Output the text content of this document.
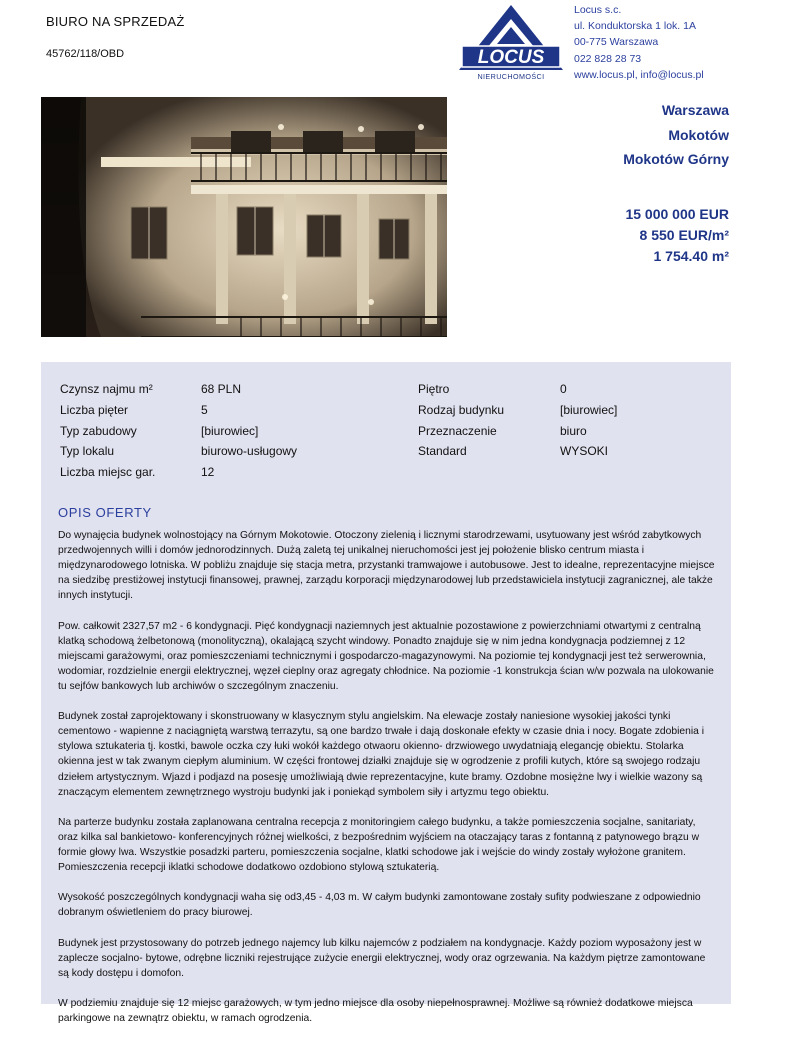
BIURO NA SPRZEDAŻ
45762/118/OBD	LOCUS
NIERUCHOMOŚCI
Locus s.c.
ul. Konduktorska 1 lok. 1A
00-775 Warszawa
022 828 28 73
www.locus.pl, info@locus.pl
Warszawa
Mokotów
Mokotów Górny
15 000 000 EUR
8 550 EUR/m²
1 754.40 m²
Czynsz najmu m²	68 PLN	Piętro	0
Liczba pięter	5	Rodzaj budynku	[biurowiec]
Typ zabudowy	[biurowiec]	Przeznaczenie	biuro
Typ lokalu	biurowo-usługowy	Standard	WYSOKI
Liczba miejsc gar.	12
OPIS OFERTY

Do wynajęcia budynek wolnostojący na Górnym Mokotowie. Otoczony zielenią i licznymi starodrzewami, usytuowany jest wśród zabytkowych przedwojennych willi i domów jednorodzinnych. Dużą zaletą tej unikalnej nieruchomości jest jej położenie blisko centrum miasta i międzynarodowego lotniska. W pobliżu znajduje się stacja metra, przystanki tramwajowe i autobusowe. Jest to idealne, reprezentacyjne miejsce na siedzibę prestiżowej instytucji finansowej, prawnej, zarządu korporacji międzynarodowej lub przedstawiciela instytucji zagranicznej, ale także innych instytucji.

Pow. całkowit 2327,57 m2 - 6 kondygnacji. Pięć kondygnacji naziemnych jest aktualnie pozostawione z powierzchniami otwartymi z centralną klatką schodową żelbetonową (monolityczną), okalającą szycht windowy. Ponadto znajduje się w nim jedna kondygnacja podziemnej z 12 miejscami garażowymi, oraz pomieszczeniami technicznymi i gospodarczo-magazynowymi. Na poziomie tej kondygnacji jest też serwerownia, wodomiar, rozdzielnie energii elektrycznej, węzeł cieplny oraz agregaty chłodnice. Na poziomie -1 konstrukcja ścian w/w pozwala na ulokowanie tu sejfów bankowych lub archiwów o szczególnym znaczeniu.

Budynek został zaprojektowany i skonstruowany w klasycznym stylu angielskim. Na elewacje zostały naniesione wysokiej jakości tynki cementowo - wapienne z naciągniętą warstwą terrazytu, są one bardzo trwałe i dają doskonałe efekty w czasie dnia i nocy. Bogate zdobienia i stylowa sztukateria tj. kostki, bawole oczka czy łuki wokół każdego otwaoru okienno- drzwiowego uwydatniają elegancję obiektu. Stolarka okienna jest w tak zwanym ciepłym aluminium. W części frontowej działki znajduje się w ogrodzenie z profili kutych, które są swojego rodzaju dziełem artystycznym. Wjazd i podjazd na posesję umożliwiają dwie reprezentacyjne, kute bramy. Ozdobne mosiężne lwy i wielkie wazony są znaczącym elementem zewnętrznego wystroju budynki jak i poniekąd symbolem siły i artyzmu tego obiektu.

Na parterze budynku została zaplanowana centralna recepcja z monitoringiem całego budynku, a także pomieszczenia socjalne, sanitariaty, oraz kilka sal bankietowo- konferencyjnych różnej wielkości, z bezpośrednim wyjściem na otaczający taras z fontanną z patynowego brązu w formie głowy lwa. Wszystkie posadzki parteru, pomieszczenia socjalne, klatki schodowe jak i wejście do windy zostały wyłożone granitem. Pomieszczenia recepcji iklatki schodowe dodatkowo ozdobiono stylową sztukaterią.

Wysokość poszczególnych kondygnacji waha się od3,45 - 4,03 m. W całym budynki zamontowane zostały sufity podwieszane z odpowiednio dobranym oświetleniem do pracy biurowej.

Budynek jest przystosowany do potrzeb jednego najemcy lub kilku najemców z podziałem na kondygnacje. Każdy poziom wyposażony jest w zaplecze socjalno- bytowe, odrębne liczniki rejestrujące zużycie energii elektrycznej, wody oraz ogrzewania. Na każdym piętrze zamontowane są kody dostępu i domofon.

W podziemiu znajduje się 12 miejsc garażowych, w tym jedno miejsce dla osoby niepełnosprawnej. Możliwe są również dodatkowe miejsca parkingowe na zewnątrz obiektu, w ramach ogrodzenia.
